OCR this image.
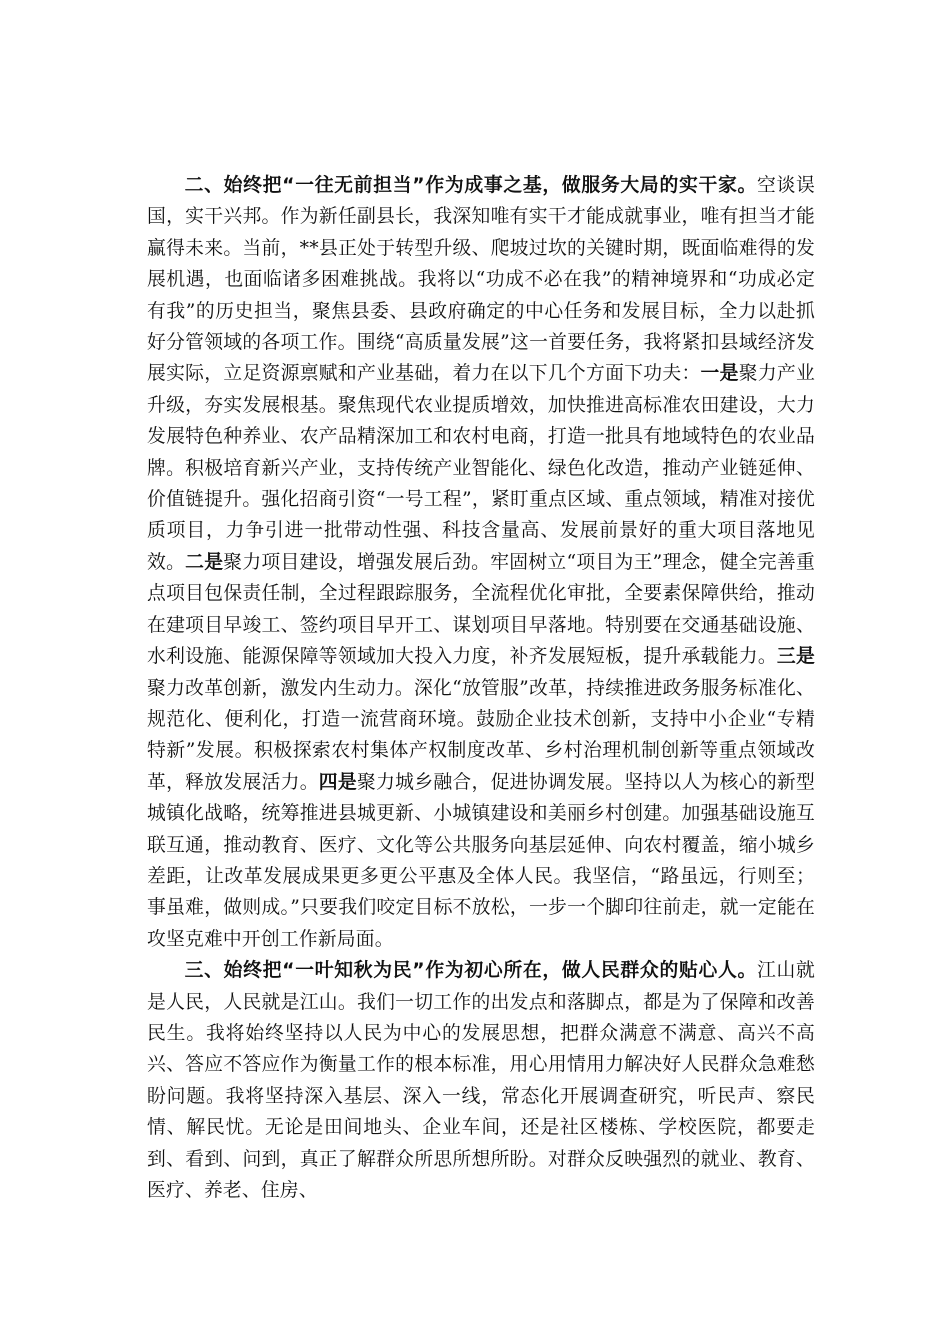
二、始终把“一往无前担当”作为成事之基，做服务大局的实干家。空谈误国，实干兴邦。作为新任副县长，我深知唯有实干才能成就事业，唯有担当才能赢得未来。当前，**县正处于转型升级、爬坡过坎的关键时期，既面临难得的发展机遇，也面临诸多困难挑战。我将以“功成不必在我”的精神境界和“功成必定有我”的历史担当，聚焦县委、县政府确定的中心任务和发展目标，全力以赴抓好分管领域的各项工作。围绕“高质量发展”这一首要任务，我将紧扣县域经济发展实际，立足资源禀赋和产业基础，着力在以下几个方面下功夫：一是聚力产业升级，夯实发展根基。聚焦现代农业提质增效，加快推进高标准农田建设，大力发展特色种养业、农产品精深加工和农村电商，打造一批具有地域特色的农业品牌。积极培育新兴产业，支持传统产业智能化、绿色化改造，推动产业链延伸、价值链提升。强化招商引资“一号工程”，紧盯重点区域、重点领域，精准对接优质项目，力争引进一批带动性强、科技含量高、发展前景好的重大项目落地见效。二是聚力项目建设，增强发展后劲。牢固树立“项目为王”理念，健全完善重点项目包保责任制，全过程跟踪服务，全流程优化审批，全要素保障供给，推动在建项目早竣工、签约项目早开工、谋划项目早落地。特别要在交通基础设施、水利设施、能源保障等领域加大投入力度，补齐发展短板，提升承载能力。三是聚力改革创新，激发内生动力。深化“放管服”改革，持续推进政务服务标准化、规范化、便利化，打造一流营商环境。鼓励企业技术创新，支持中小企业“专精特新”发展。积极探索农村集体产权制度改革、乡村治理机制创新等重点领域改革，释放发展活力。四是聚力城乡融合，促进协调发展。坚持以人为核心的新型城镇化战略，统筹推进县城更新、小城镇建设和美丽乡村创建。加强基础设施互联互通，推动教育、医疗、文化等公共服务向基层延伸、向农村覆盖，缩小城乡差距，让改革发展成果更多更公平惠及全体人民。我坚信，“路虽远，行则至；事虽难，做则成。”只要我们咬定目标不放松，一步一个脚印往前走，就一定能在攻坚克难中开创工作新局面。

三、始终把“一叶知秋为民”作为初心所在，做人民群众的贴心人。江山就是人民，人民就是江山。我们一切工作的出发点和落脚点，都是为了保障和改善民生。我将始终坚持以人民为中心的发展思想，把群众满意不满意、高兴不高兴、答应不答应作为衡量工作的根本标准，用心用情用力解决好人民群众急难愁盼问题。我将坚持深入基层、深入一线，常态化开展调查研究，听民声、察民情、解民忧。无论是田间地头、企业车间，还是社区楼栋、学校医院，都要走到、看到、问到，真正了解群众所思所想所盼。对群众反映强烈的就业、教育、医疗、养老、住房、
